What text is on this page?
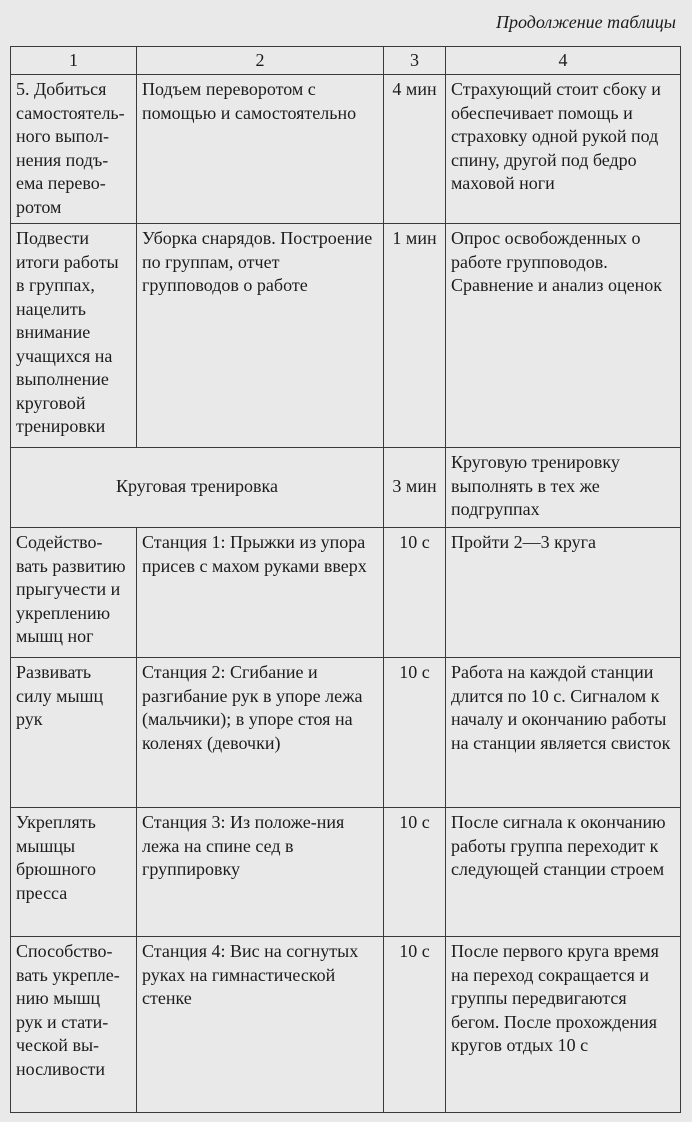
Продолжение таблицы
1	2	3	4
5. Добиться самостоятель-ного выпол-нения подъ-ема перево-ротом	Подъем переворотом с помощью и самостоятельно	4 мин	Страхующий стоит сбоку и обеспечивает помощь и страховку одной рукой под спину, другой под бедро маховой ноги
Подвести итоги работы в группах, нацелить внимание учащихся на выполнение круговой тренировки	Уборка снарядов. Построение по группам, отчет групповодов о работе	1 мин	Опрос освобожденных о работе групповодов. Сравнение и анализ оценок
Круговая тренировка		3 мин	Круговую тренировку выполнять в тех же подгруппах
Содейство-вать развитию прыгучести и укреплению мышц ног	Станция 1: Прыжки из упора присев с махом руками вверх	10 с	Пройти 2—3 круга
Развивать силу мышц рук	Станция 2: Сгибание и разгибание рук в упоре лежа (мальчики); в упоре стоя на коленях (девочки)	10 с	Работа на каждой станции длится по 10 с. Сигналом к началу и окончанию работы на станции является свисток
Укреплять мышцы брюшного пресса	Станция 3: Из положе-ния лежа на спине сед в группировку	10 с	После сигнала к окончанию работы группа переходит к следующей станции строем
Способство-вать укрепле-нию мышц рук и стати-ческой вы-носливости	Станция 4: Вис на согнутых руках на гимнастической стенке	10 с	После первого круга время на переход сокращается и группы передвигаются бегом. После прохождения кругов отдых 10 с
